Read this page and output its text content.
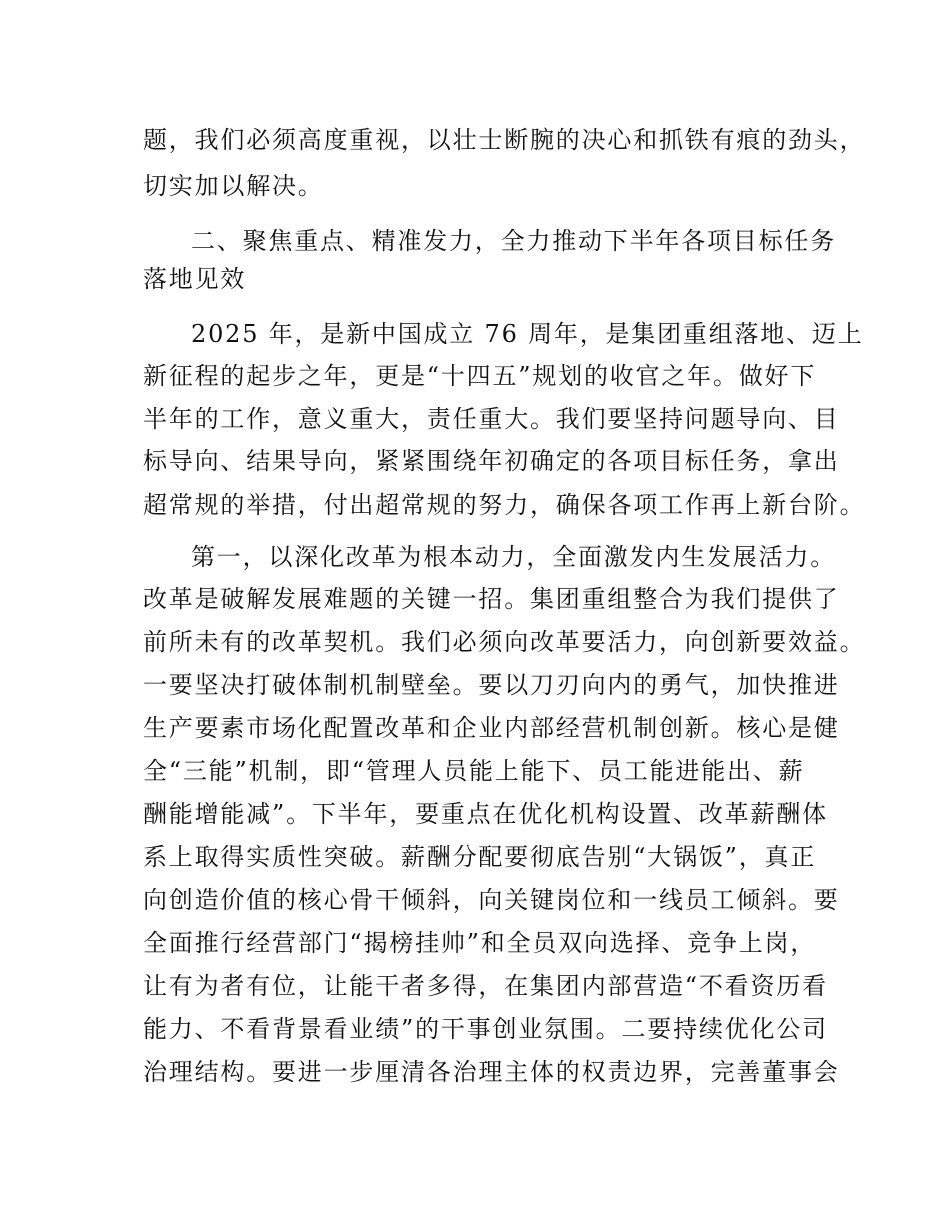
题，我们必须高度重视，以壮士断腕的决心和抓铁有痕的劲头，
切实加以解决。
二、聚焦重点、精准发力，全力推动下半年各项目标任务
落地见效
2025 年，是新中国成立 76 周年，是集团重组落地、迈上
新征程的起步之年，更是“十四五”规划的收官之年。做好下
半年的工作，意义重大，责任重大。我们要坚持问题导向、目
标导向、结果导向，紧紧围绕年初确定的各项目标任务，拿出
超常规的举措，付出超常规的努力，确保各项工作再上新台阶。
第一，以深化改革为根本动力，全面激发内生发展活力。
改革是破解发展难题的关键一招。集团重组整合为我们提供了
前所未有的改革契机。我们必须向改革要活力，向创新要效益。
一要坚决打破体制机制壁垒。要以刀刃向内的勇气，加快推进
生产要素市场化配置改革和企业内部经营机制创新。核心是健
全“三能”机制，即“管理人员能上能下、员工能进能出、薪
酬能增能减”。下半年，要重点在优化机构设置、改革薪酬体
系上取得实质性突破。薪酬分配要彻底告别“大锅饭”，真正
向创造价值的核心骨干倾斜，向关键岗位和一线员工倾斜。要
全面推行经营部门“揭榜挂帅”和全员双向选择、竞争上岗，
让有为者有位，让能干者多得，在集团内部营造“不看资历看
能力、不看背景看业绩”的干事创业氛围。二要持续优化公司
治理结构。要进一步厘清各治理主体的权责边界，完善董事会
